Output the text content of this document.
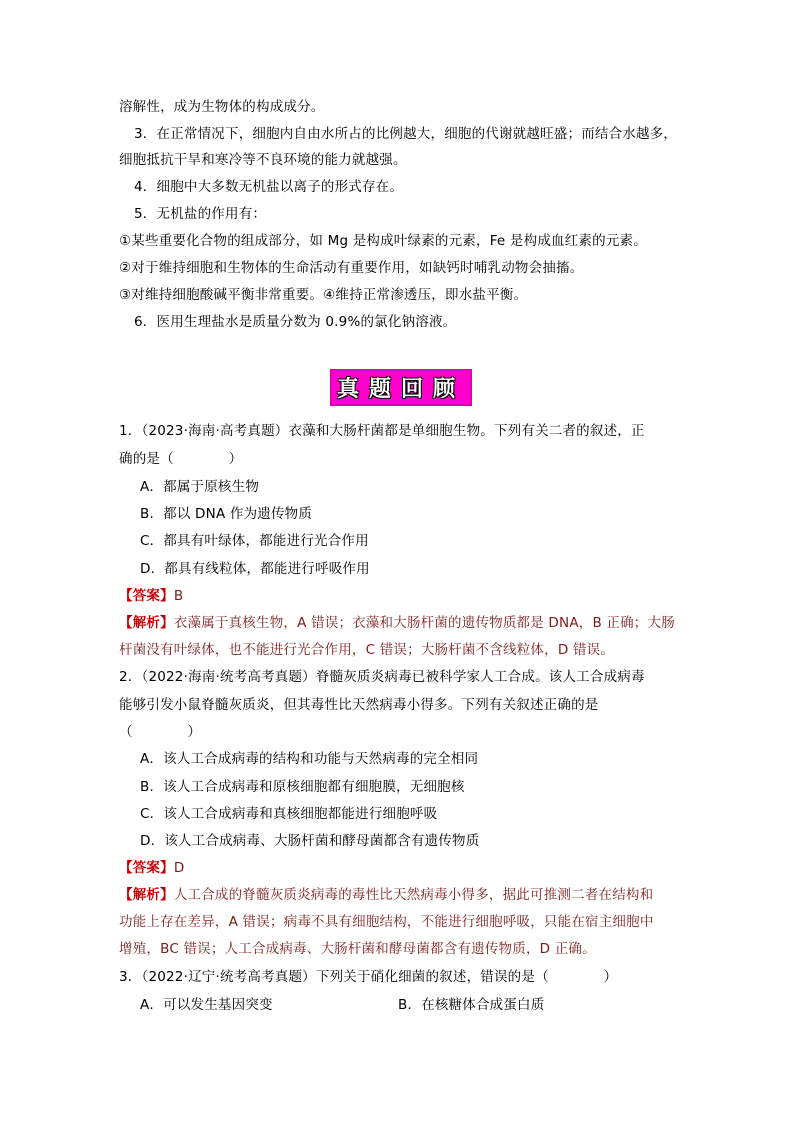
溶解性，成为生物体的构成成分。
3．在正常情况下，细胞内自由水所占的比例越大，细胞的代谢就越旺盛；而结合水越多，
细胞抵抗干旱和寒冷等不良环境的能力就越强。
4．细胞中大多数无机盐以离子的形式存在。
5．无机盐的作用有：
①某些重要化合物的组成部分，如 Mg 是构成叶绿素的元素，Fe 是构成血红素的元素。
②对于维持细胞和生物体的生命活动有重要作用，如缺钙时哺乳动物会抽搐。
③对维持细胞酸碱平衡非常重要。④维持正常渗透压，即水盐平衡。
6．医用生理盐水是质量分数为 0.9%的氯化钠溶液。
真题回顾
1．（2023·海南·高考真题）衣藻和大肠杆菌都是单细胞生物。下列有关二者的叙述，正
确的是（　　　　）
A．都属于原核生物
B．都以 DNA 作为遗传物质
C．都具有叶绿体，都能进行光合作用
D．都具有线粒体，都能进行呼吸作用
【答案】B
【解析】衣藻属于真核生物，A 错误；衣藻和大肠杆菌的遗传物质都是 DNA，B 正确；大肠
杆菌没有叶绿体，也不能进行光合作用，C 错误；大肠杆菌不含线粒体，D 错误。
2．（2022·海南·统考高考真题）脊髓灰质炎病毒已被科学家人工合成。该人工合成病毒
能够引发小鼠脊髓灰质炎，但其毒性比天然病毒小得多。下列有关叙述正确的是
（　　　　）
A．该人工合成病毒的结构和功能与天然病毒的完全相同
B．该人工合成病毒和原核细胞都有细胞膜，无细胞核
C．该人工合成病毒和真核细胞都能进行细胞呼吸
D．该人工合成病毒、大肠杆菌和酵母菌都含有遗传物质
【答案】D
【解析】人工合成的脊髓灰质炎病毒的毒性比天然病毒小得多，据此可推测二者在结构和
功能上存在差异，A 错误；病毒不具有细胞结构，不能进行细胞呼吸，只能在宿主细胞中
增殖，BC 错误；人工合成病毒、大肠杆菌和酵母菌都含有遗传物质，D 正确。
3．（2022·辽宁·统考高考真题）下列关于硝化细菌的叙述，错误的是（　　　　）
A．可以发生基因突变	B．在核糖体合成蛋白质
